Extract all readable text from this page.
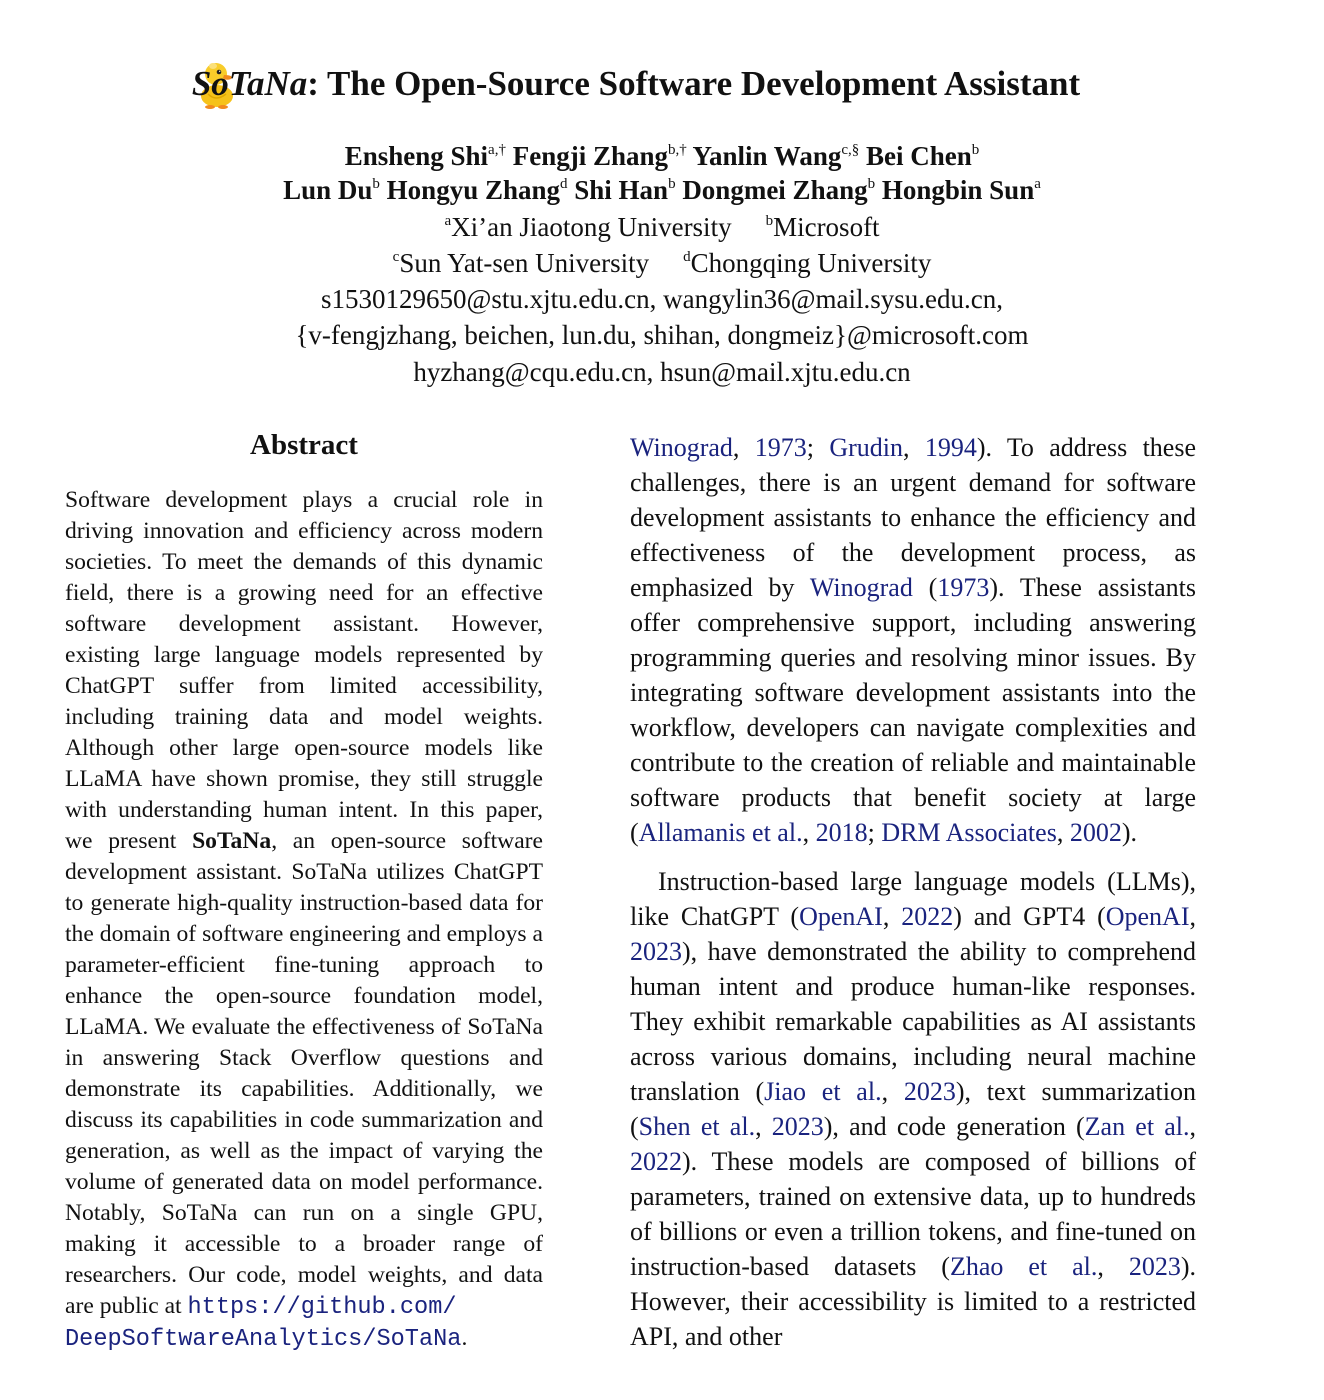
SoTaNa: The Open-Source Software Development Assistant
Ensheng Shi$^{a,\dagger}$ Fengji Zhang$^{b,\dagger}$ Yanlin Wang$^{c,\S}$ Bei Chen$^b$
Lun Du$^b$ Hongyu Zhang$^d$ Shi Han$^b$ Dongmei Zhang$^b$ Hongbin Sun$^a$
$^a$Xi’an Jiaotong University $^b$Microsoft
$^c$Sun Yat-sen University $^d$Chongqing University
s1530129650@stu.xjtu.edu.cn, wangylin36@mail.sysu.edu.cn,
{v-fengjzhang, beichen, lun.du, shihan, dongmeiz}@microsoft.com
hyzhang@cqu.edu.cn, hsun@mail.xjtu.edu.cn
Abstract

Software development plays a crucial role in driving innovation and efficiency across modern societies. To meet the demands of this dynamic field, there is a growing need for an effective software development assistant. However, existing large language models represented by ChatGPT suffer from limited accessibility, including training data and model weights. Although other large open-source models like LLaMA have shown promise, they still struggle with understanding human intent. In this paper, we present SoTaNa, an open-source software development assistant. SoTaNa utilizes ChatGPT to generate high-quality instruction-based data for the domain of software engineering and employs a parameter-efficient fine-tuning approach to enhance the open-source foundation model, LLaMA. We evaluate the effectiveness of SoTaNa in answering Stack Overflow questions and demonstrate its capabilities. Additionally, we discuss its capabilities in code summarization and generation, as well as the impact of varying the volume of generated data on model performance. Notably, SoTaNa can run on a single GPU, making it accessible to a broader range of researchers. Our code, model weights, and data are public at https://github.com/
DeepSoftwareAnalytics/SoTaNa.

Winograd, 1973; Grudin, 1994). To address these challenges, there is an urgent demand for software development assistants to enhance the efficiency and effectiveness of the development process, as emphasized by Winograd (1973). These assistants offer comprehensive support, including answering programming queries and resolving minor issues. By integrating software development assistants into the workflow, developers can navigate complexities and contribute to the creation of reliable and maintainable software products that benefit society at large (Allamanis et al., 2018; DRM Associates, 2002).

Instruction-based large language models (LLMs), like ChatGPT (OpenAI, 2022) and GPT4 (OpenAI, 2023), have demonstrated the ability to comprehend human intent and produce human-like responses. They exhibit remarkable capabilities as AI assistants across various domains, including neural machine translation (Jiao et al., 2023), text summarization (Shen et al., 2023), and code generation (Zan et al., 2022). These models are composed of billions of parameters, trained on extensive data, up to hundreds of billions or even a trillion tokens, and fine-tuned on instruction-based datasets (Zhao et al., 2023). However, their accessibility is limited to a restricted API, and other
